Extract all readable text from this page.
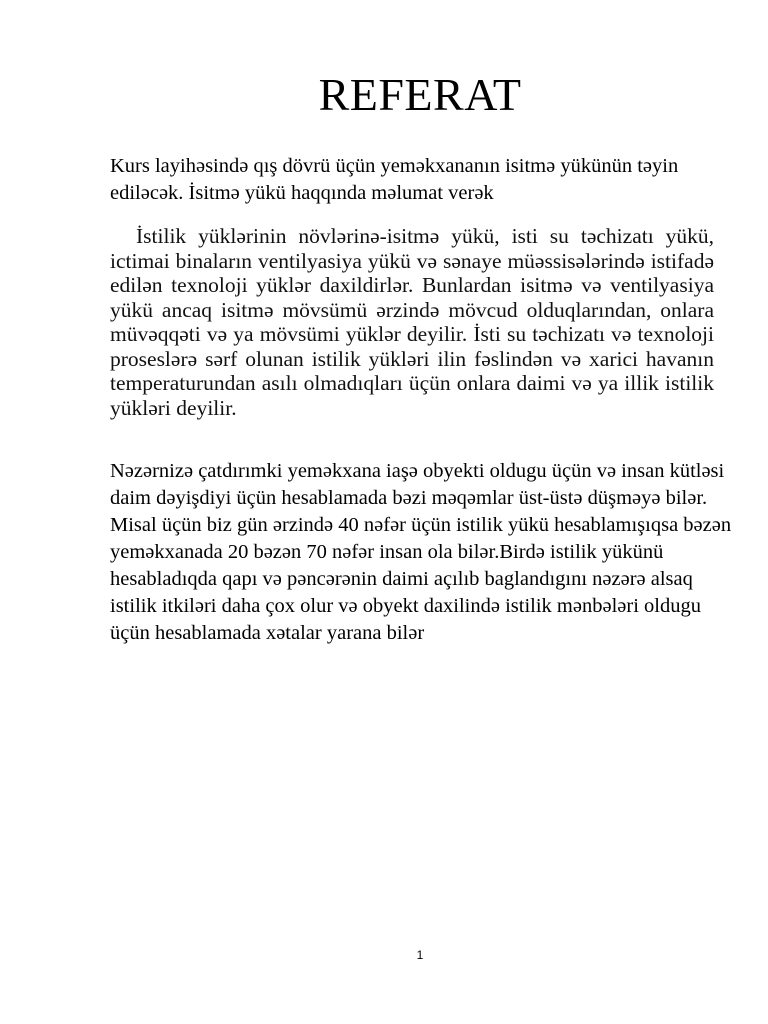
REFERAT

Kurs layihəsində qış dövrü üçün yeməkxananın isitmə yükünün təyin ediləcək. İsitmə yükü haqqında məlumat verək

İstilik yüklərinin növlərinə-isitmə yükü, isti su təchizatı yükü, ictimai binaların ventilyasiya yükü və sənaye müəssisələrində istifadə edilən texnoloji yüklər daxildirlər. Bunlardan isitmə və ventilyasiya yükü ancaq isitmə mövsümü ərzində mövcud olduqlarından, onlara müvəqqəti və ya mövsümi yüklər deyilir. İsti su təchizatı və texnoloji proseslərə sərf olunan istilik yükləri ilin fəslindən və xarici havanın temperaturundan asılı olmadıqları üçün onlara daimi və ya illik istilik yükləri deyilir.

Nəzərnizə çatdırımki yeməkxana iaşə obyekti oldugu üçün və insan kütləsi daim dəyişdiyi üçün hesablamada bəzi məqəmlar üst-üstə düşməyə bilər. Misal üçün biz gün ərzində 40 nəfər üçün istilik yükü hesablamışıqsa bəzən yeməkxanada 20 bəzən 70 nəfər insan ola bilər.Birdə istilik yükünü hesabladıqda qapı və pəncərənin daimi açılıb baglandıgını nəzərə alsaq istilik itkiləri daha çox olur və obyekt daxilində istilik mənbələri oldugu üçün hesablamada xətalar yarana bilər

1
